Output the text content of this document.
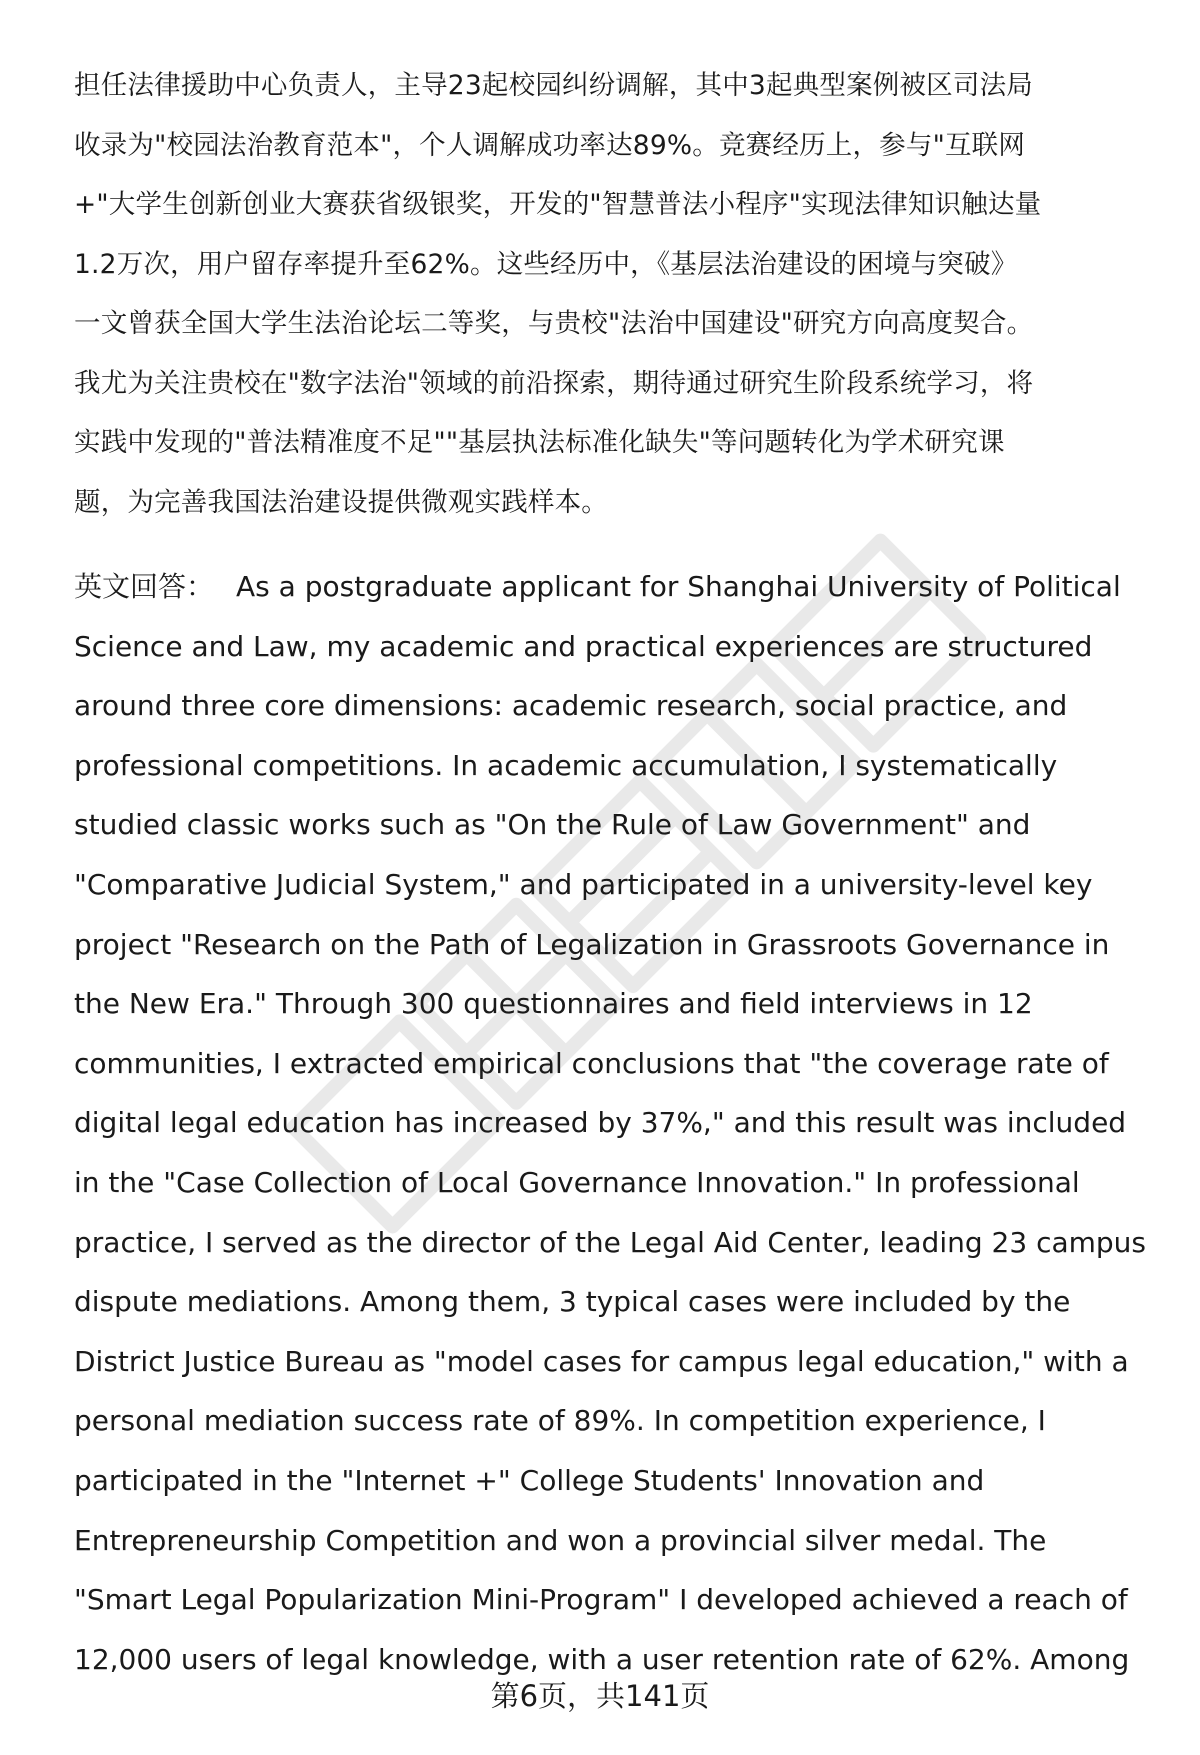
担任法律援助中心负责人，主导23起校园纠纷调解，其中3起典型案例被区司法局
收录为"校园法治教育范本"，个人调解成功率达89%。竞赛经历上，参与"互联网
+"大学生创新创业大赛获省级银奖，开发的"智慧普法小程序"实现法律知识触达量
1.2万次，用户留存率提升至62%。这些经历中，《基层法治建设的困境与突破》
一文曾获全国大学生法治论坛二等奖，与贵校"法治中国建设"研究方向高度契合。
我尤为关注贵校在"数字法治"领域的前沿探索，期待通过研究生阶段系统学习，将
实践中发现的"普法精准度不足""基层执法标准化缺失"等问题转化为学术研究课
题，为完善我国法治建设提供微观实践样本。
英文回答： As a postgraduate applicant for Shanghai University of Political
Science and Law, my academic and practical experiences are structured
around three core dimensions: academic research, social practice, and
professional competitions. In academic accumulation, I systematically
studied classic works such as "On the Rule of Law Government" and
"Comparative Judicial System," and participated in a university-level key
project "Research on the Path of Legalization in Grassroots Governance in
the New Era." Through 300 questionnaires and field interviews in 12
communities, I extracted empirical conclusions that "the coverage rate of
digital legal education has increased by 37%," and this result was included
in the "Case Collection of Local Governance Innovation." In professional
practice, I served as the director of the Legal Aid Center, leading 23 campus
dispute mediations. Among them, 3 typical cases were included by the
District Justice Bureau as "model cases for campus legal education," with a
personal mediation success rate of 89%. In competition experience, I
participated in the "Internet +" College Students' Innovation and
Entrepreneurship Competition and won a provincial silver medal. The
"Smart Legal Popularization Mini-Program" I developed achieved a reach of
12,000 users of legal knowledge, with a user retention rate of 62%. Among
第6页，共141页
